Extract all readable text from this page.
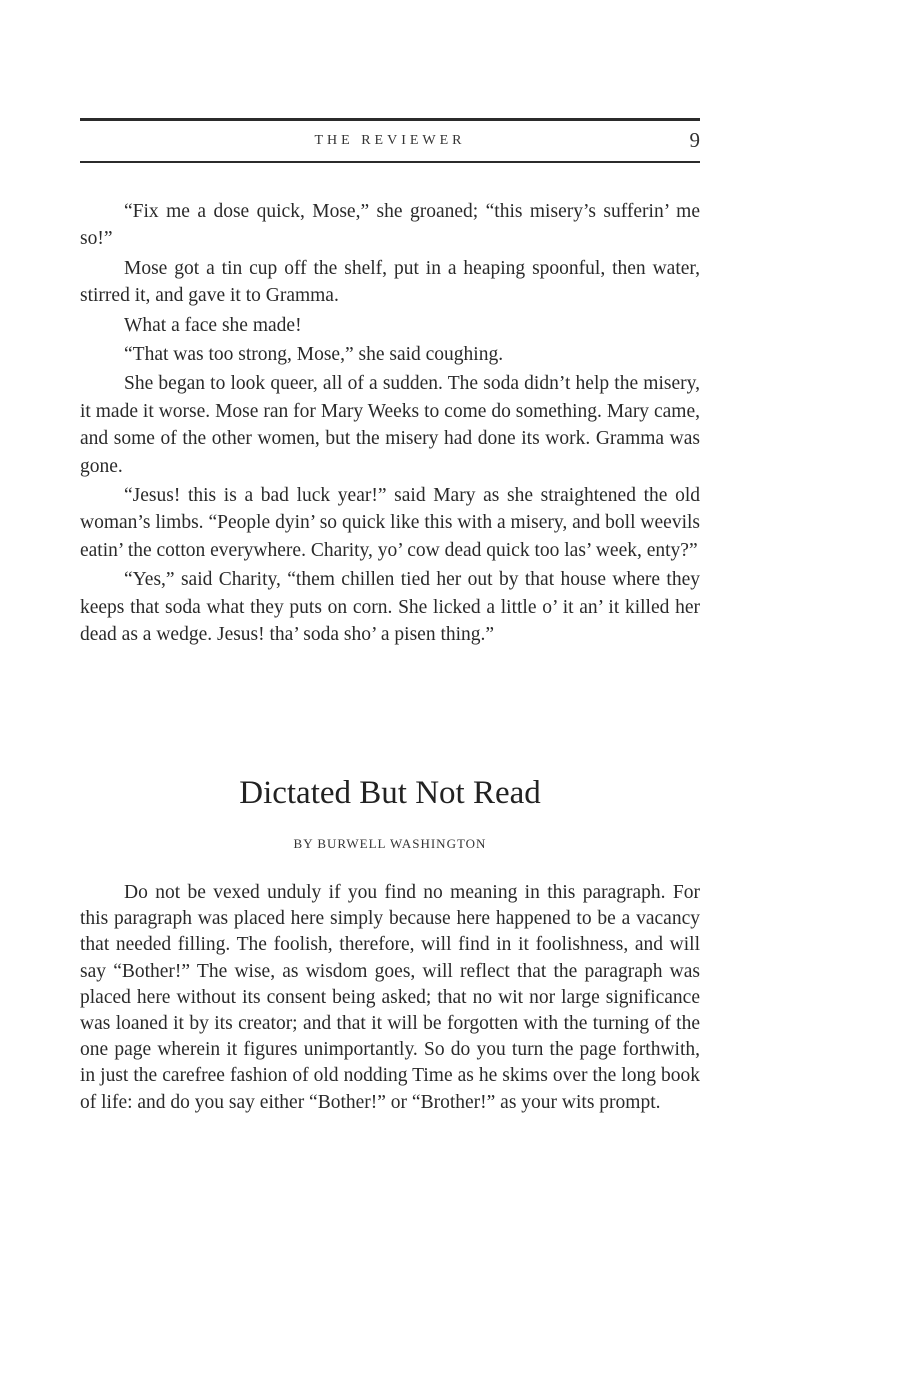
THE REVIEWER	9

“Fix me a dose quick, Mose,” she groaned; “this misery’s sufferin’ me so!”

Mose got a tin cup off the shelf, put in a heaping spoonful, then water, stirred it, and gave it to Gramma.

What a face she made!

“That was too strong, Mose,” she said coughing.

She began to look queer, all of a sudden. The soda didn’t help the misery, it made it worse. Mose ran for Mary Weeks to come do something. Mary came, and some of the other women, but the misery had done its work. Gramma was gone.

“Jesus! this is a bad luck year!” said Mary as she straightened the old woman’s limbs. “People dyin’ so quick like this with a misery, and boll weevils eatin’ the cotton everywhere. Charity, yo’ cow dead quick too las’ week, enty?”

“Yes,” said Charity, “them chillen tied her out by that house where they keeps that soda what they puts on corn. She licked a little o’ it an’ it killed her dead as a wedge. Jesus! tha’ soda sho’ a pisen thing.”

Dictated But Not Read
BY BURWELL WASHINGTON

Do not be vexed unduly if you find no meaning in this paragraph. For this paragraph was placed here simply because here happened to be a vacancy that needed filling. The foolish, therefore, will find in it foolishness, and will say “Bother!” The wise, as wisdom goes, will reflect that the paragraph was placed here without its consent being asked; that no wit nor large significance was loaned it by its creator; and that it will be forgotten with the turning of the one page wherein it figures unimportantly. So do you turn the page forthwith, in just the carefree fashion of old nodding Time as he skims over the long book of life: and do you say either “Bother!” or “Brother!” as your wits prompt.
